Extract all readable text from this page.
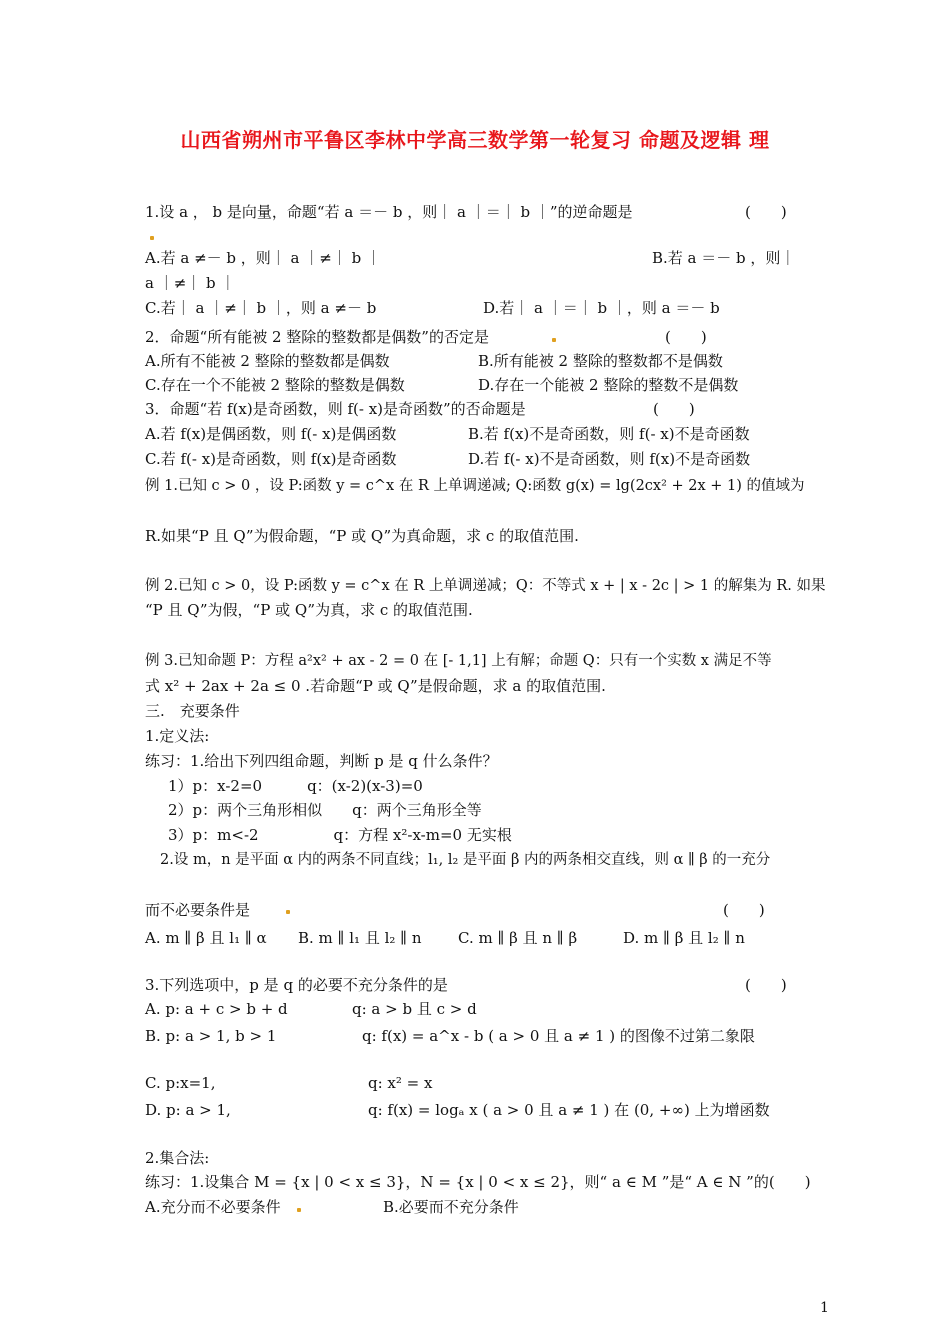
山西省朔州市平鲁区李林中学高三数学第一轮复习 命题及逻辑 理
1.设 a ， b 是向量，命题“若 a ＝－ b ，则｜ a ｜＝｜ b ｜”的逆命题是	(　　)
A.若 a ≠－ b ，则｜ a ｜≠｜ b ｜	B.若 a ＝－ b ，则｜
a ｜≠｜ b ｜
C.若｜ a ｜≠｜ b ｜，则 a ≠－ b	D.若｜ a ｜＝｜ b ｜，则 a ＝－ b
2．命题“所有能被 2 整除的整数都是偶数”的否定是	(　　)
A.所有不能被 2 整除的整数都是偶数	B.所有能被 2 整除的整数都不是偶数
C.存在一个不能被 2 整除的整数是偶数	D.存在一个能被 2 整除的整数不是偶数
3．命题“若 f(x)是奇函数，则 f(- x)是奇函数”的否命题是	(　　)
A.若 f(x)是偶函数，则 f(- x)是偶函数	B.若 f(x)不是奇函数，则 f(- x)不是奇函数
C.若 f(- x)是奇函数，则 f(x)是奇函数	D.若 f(- x)不是奇函数，则 f(x)不是奇函数
例 1.已知 c > 0 ，设 P:函数 y = c^x 在 R 上单调递减; Q:函数 g(x) = lg(2cx² + 2x + 1) 的值域为
R.如果“P 且 Q”为假命题，“P 或 Q”为真命题，求 c 的取值范围.
例 2.已知 c > 0，设 P:函数 y = c^x 在 R 上单调递减；Q：不等式 x + | x - 2c | > 1 的解集为 R. 如果
“P 且 Q”为假，“P 或 Q”为真，求 c 的取值范围.
例 3.已知命题 P：方程 a²x² + ax - 2 = 0 在 [- 1,1] 上有解；命题 Q：只有一个实数 x 满足不等
式 x² + 2ax + 2a ≤ 0 .若命题“P 或 Q”是假命题，求 a 的取值范围.
三.　充要条件
1.定义法:
练习：1.给出下列四组命题，判断 p 是 q 什么条件？
1）p：x-2=0　　　q：(x-2)(x-3)=0
2）p：两个三角形相似　　q：两个三角形全等
3）p：m<-2　　　　　q：方程 x²-x-m=0 无实根
2.设 m，n 是平面 α 内的两条不同直线；l₁, l₂ 是平面 β 内的两条相交直线，则 α ∥ β 的一充分
而不必要条件是	(　　)
A. m ∥ β 且 l₁ ∥ α B. m ∥ l₁ 且 l₂ ∥ n C. m ∥ β 且 n ∥ β	D. m ∥ β 且 l₂ ∥ n
3.下列选项中，p 是 q 的必要不充分条件的是	(　　)
A. p: a + c > b + d	q: a > b 且 c > d
B. p: a > 1, b > 1	q: f(x) = a^x - b ( a > 0 且 a ≠ 1 ) 的图像不过第二象限
C. p:x=1,	q: x² = x
D. p: a > 1,	q: f(x) = logₐ x ( a > 0 且 a ≠ 1 ) 在 (0, +∞) 上为增函数
2.集合法:
练习：1.设集合 M = {x | 0 < x ≤ 3}，N = {x | 0 < x ≤ 2}，则“ a ∈ M ”是“ A ∈ N ”的(　　)
A.充分而不必要条件	B.必要而不充分条件
1
